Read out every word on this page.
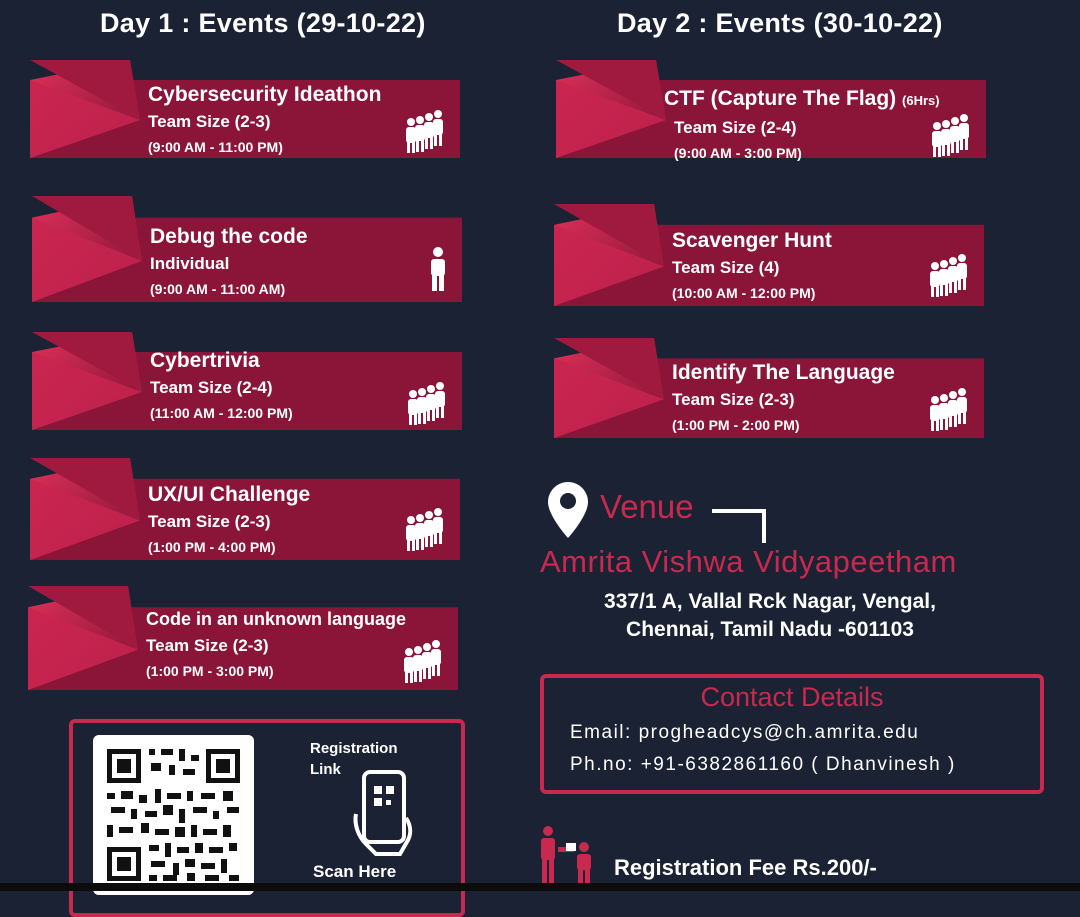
Day 1 : Events (29-10-22)	Day 2 : Events (30-10-22)
Cybersecurity Ideathon
Team Size (2-3)
(9:00 AM - 11:00 PM)
Debug the code
Individual
(9:00 AM - 11:00 AM)
Cybertrivia
Team Size (2-4)
(11:00 AM - 12:00 PM)
UX/UI Challenge
Team Size (2-3)
(1:00 PM - 4:00 PM)
Code in an unknown language
Team Size (2-3)
(1:00 PM - 3:00 PM)
CTF (Capture The Flag) (6Hrs)
Team Size (2-4)
(9:00 AM - 3:00 PM)
Scavenger Hunt
Team Size (4)
(10:00 AM - 12:00 PM)
Identify The Language
Team Size (2-3)
(1:00 PM - 2:00 PM)
Venue
Amrita Vishwa Vidyapeetham
337/1 A, Vallal Rck Nagar, Vengal,
Chennai, Tamil Nadu -601103
Contact Details
Email: progheadcys@ch.amrita.edu
Ph.no: +91-6382861160 ( Dhanvinesh )
Registration
Link
Scan Here	Registration Fee Rs.200/-
